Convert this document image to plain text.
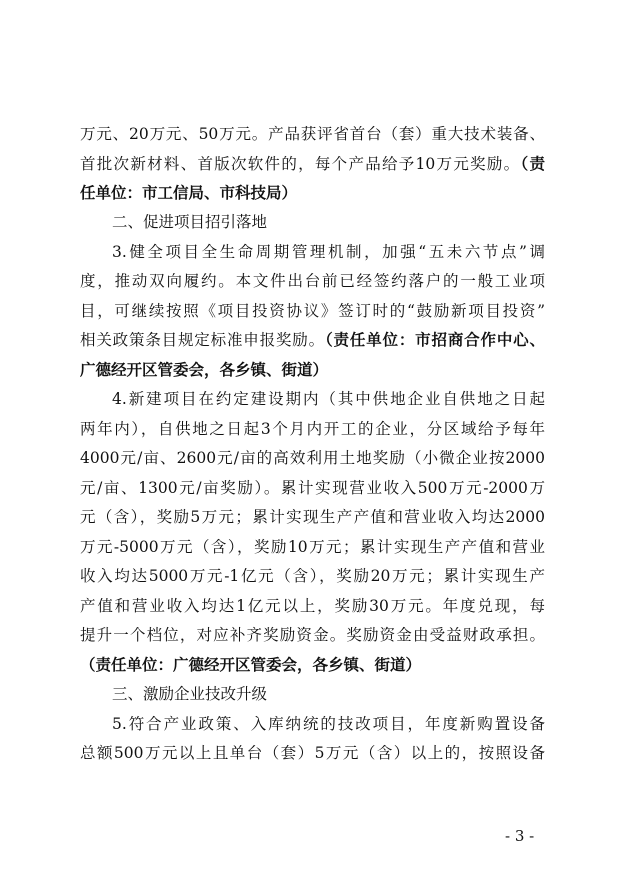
万元、20万元、50万元。产品获评省首台（套）重大技术装备、
首批次新材料、首版次软件的，每个产品给予10万元奖励。（责
任单位：市工信局、市科技局）
二、促进项目招引落地
3.健全项目全生命周期管理机制，加强“五未六节点”调
度，推动双向履约。本文件出台前已经签约落户的一般工业项
目，可继续按照《项目投资协议》签订时的“鼓励新项目投资”
相关政策条目规定标准申报奖励。（责任单位：市招商合作中心、
广德经开区管委会，各乡镇、街道）
4.新建项目在约定建设期内（其中供地企业自供地之日起
两年内），自供地之日起3个月内开工的企业，分区域给予每年
4000元/亩、2600元/亩的高效利用土地奖励（小微企业按2000
元/亩、1300元/亩奖励）。累计实现营业收入500万元-2000万
元（含），奖励5万元；累计实现生产产值和营业收入均达2000
万元-5000万元（含），奖励10万元；累计实现生产产值和营业
收入均达5000万元-1亿元（含），奖励20万元；累计实现生产
产值和营业收入均达1亿元以上，奖励30万元。年度兑现，每
提升一个档位，对应补齐奖励资金。奖励资金由受益财政承担。
（责任单位：广德经开区管委会，各乡镇、街道）
三、激励企业技改升级
5.符合产业政策、入库纳统的技改项目，年度新购置设备
总额500万元以上且单台（套）5万元（含）以上的，按照设备
- 3 -
